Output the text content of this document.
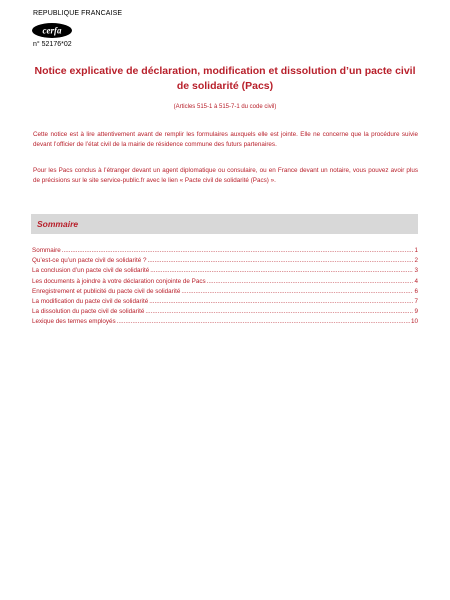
REPUBLIQUE FRANCAISE
cerfa
n° 52176*02
Notice explicative de déclaration, modification et dissolution d’un pacte civil de solidarité (Pacs)
(Articles 515-1 à 515-7-1 du code civil)
Cette notice est à lire attentivement avant de remplir les formulaires auxquels elle est jointe. Elle ne concerne que la procédure suivie devant l’officier de l’état civil de la mairie de résidence commune des futurs partenaires.
Pour les Pacs conclus à l’étranger devant un agent diplomatique ou consulaire, ou en France devant un notaire, vous pouvez avoir plus de précisions sur le site service-public.fr avec le lien « Pacte civil de solidarité (Pacs) ».
Sommaire
Sommaire .....	1
Qu’est-ce qu’un pacte civil de solidarité ? .....	2
La conclusion d’un pacte civil de solidarité .....	3
Les documents à joindre à votre déclaration conjointe de Pacs .....	4
Enregistrement et publicité du pacte civil de solidarité .....	6
La modification du pacte civil de solidarité .....	7
La dissolution du pacte civil de solidarité .....	9
Lexique des termes employés .....	10
